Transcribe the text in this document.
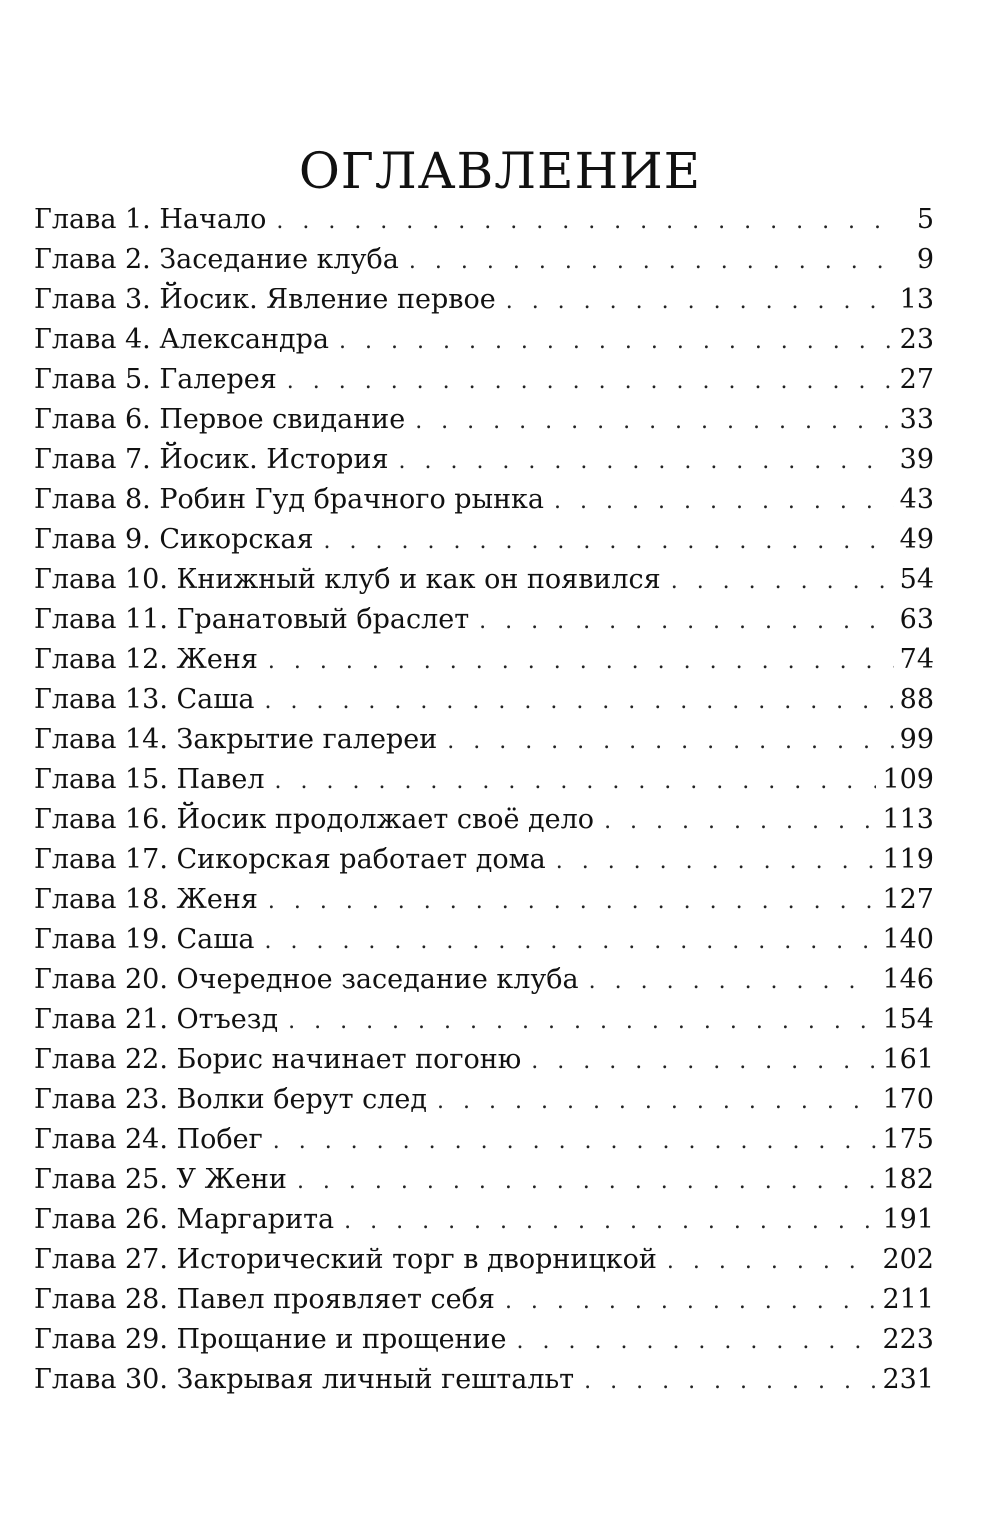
ОГЛАВЛЕНИЕ
Глава 1. Начало . . .	5
Глава 2. Заседание клуба . . .	9
Глава 3. Йосик. Явление первое . . .	13
Глава 4. Александра . . .	23
Глава 5. Галерея . . .	27
Глава 6. Первое свидание . . .	33
Глава 7. Йосик. История . . .	39
Глава 8. Робин Гуд брачного рынка . . .	43
Глава 9. Сикорская . . .	49
Глава 10. Книжный клуб и как он появился . . .	54
Глава 11. Гранатовый браслет . . .	63
Глава 12. Женя . . .	74
Глава 13. Саша . . .	88
Глава 14. Закрытие галереи . . .	99
Глава 15. Павел . . .	109
Глава 16. Йосик продолжает своё дело . . .	113
Глава 17. Сикорская работает дома . . .	119
Глава 18. Женя . . .	127
Глава 19. Саша . . .	140
Глава 20. Очередное заседание клуба . . .	146
Глава 21. Отъезд . . .	154
Глава 22. Борис начинает погоню . . .	161
Глава 23. Волки берут след . . .	170
Глава 24. Побег . . .	175
Глава 25. У Жени . . .	182
Глава 26. Маргарита . . .	191
Глава 27. Исторический торг в дворницкой . . .	202
Глава 28. Павел проявляет себя . . .	211
Глава 29. Прощание и прощение . . .	223
Глава 30. Закрывая личный гештальт . . .	231
